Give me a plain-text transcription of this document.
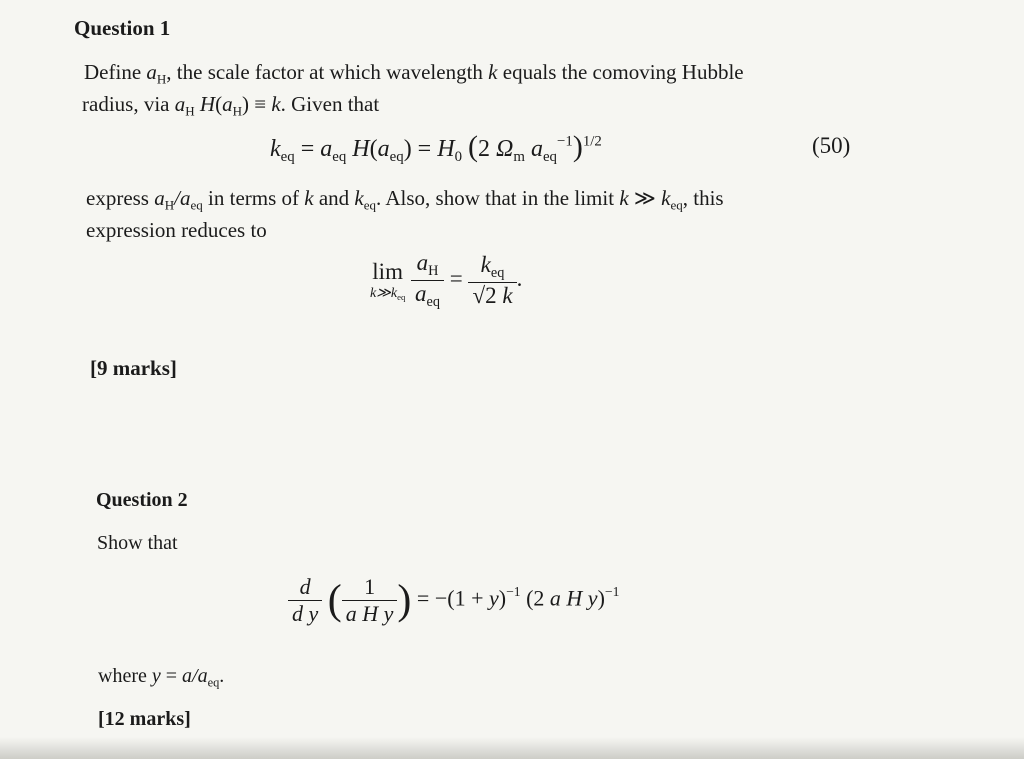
Question 1
Define $a_H$, the scale factor at which wavelength k equals the comoving Hubble
radius, via $a_H$ $H(a_H) \equiv k$. Given that
$k_{eq} = a_{eq}$ $H(a_{eq}) = H_0$ (2 $\Omega_m$ $a_{eq}^{-1})^{1/2}$	(50)
express $a_H/a_{eq}$ in terms of k and $k_{eq}$. Also, show that in the limit k ≫ $k_{eq}$, this
expression reduces to
lim
$k≫k_{eq}$
$\frac{a_H}{a_{eq}} = \frac{k_{eq}}{√2 k}$ .
[9 marks]
Question 2
Show that
$\frac{d}{\text{d y}}$ ( $\frac{1}{\text{a H y}}$ ) = $-(1 + y)^{-1}$ (2 a H y)$^{-1}$
where $y = a/a_{eq}$.
[12 marks]
